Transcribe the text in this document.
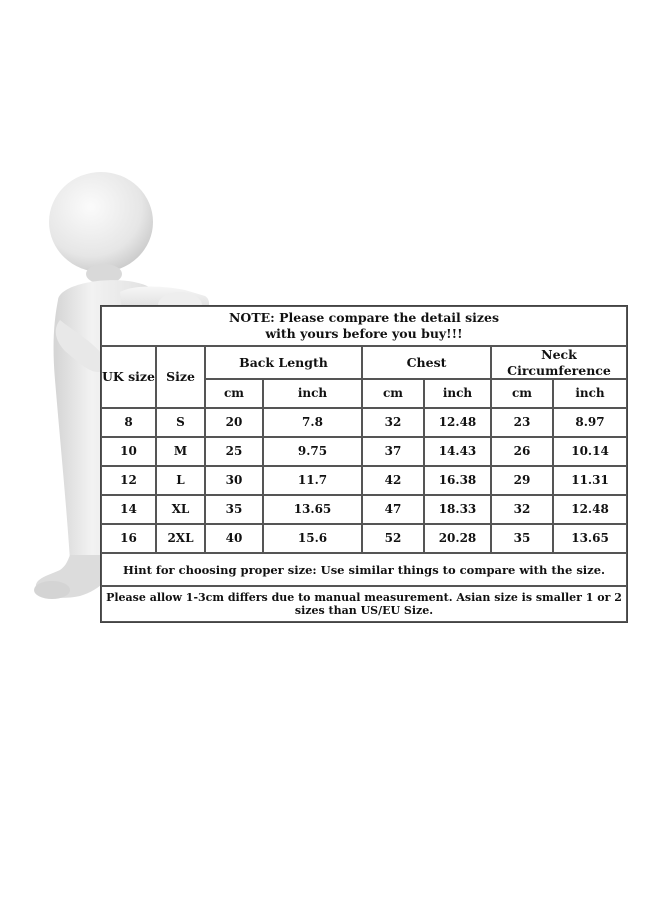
NOTE: Please compare the detail sizes
with yours before you buy!!!							

UK size	Size	Back Length		Chest		Neck Circumference	
		cm	inch	cm	inch	cm	inch
8	S	20	7.8	32	12.48	23	8.97
10	M	25	9.75	37	14.43	26	10.14
12	L	30	11.7	42	16.38	29	11.31
14	XL	35	13.65	47	18.33	32	12.48
16	2XL	40	15.6	52	20.28	35	13.65
Hint for choosing proper size: Use similar things to compare with the size.							
Please allow 1-3cm differs due to manual measurement. Asian size is smaller 1 or 2 sizes than US/EU Size.							
